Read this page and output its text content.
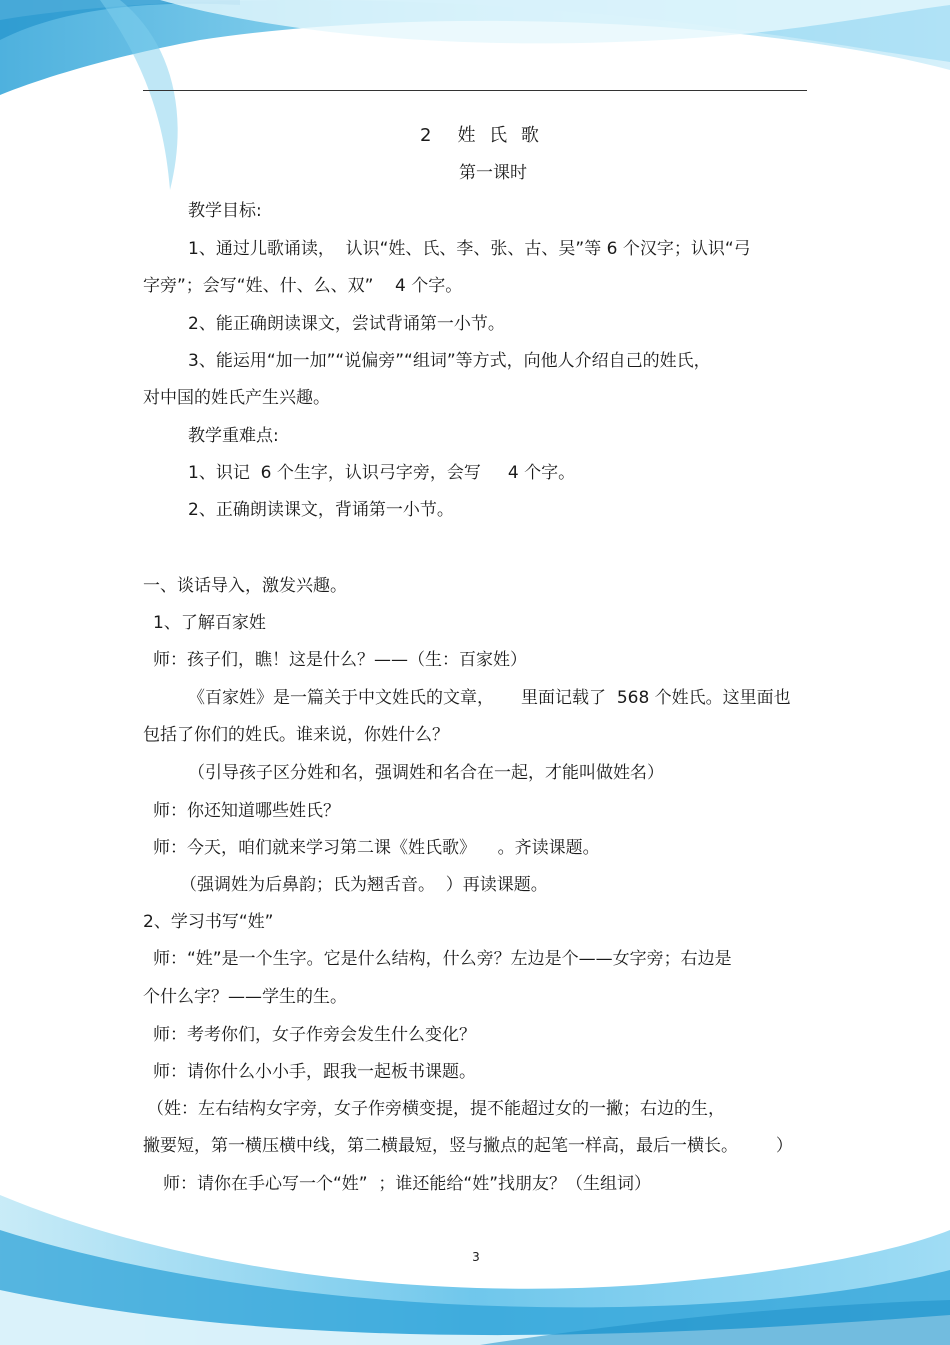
2　姓 氏 歌
第一课时
教学目标:
1、通过儿歌诵读，  认识“姓、氏、李、张、古、吴”等 6 个汉字；认识“弓
字旁”；会写“姓、什、么、双”    4 个字。
2、能正确朗读课文，尝试背诵第一小节。
3、能运用“加一加”“说偏旁”“组词”等方式，向他人介绍自己的姓氏，
对中国的姓氏产生兴趣。
教学重难点:
1、识记  6 个生字，认识弓字旁，会写     4 个字。
2、正确朗读课文，背诵第一小节。
一、谈话导入，激发兴趣。
1、了解百家姓
师：孩子们，瞧！这是什么？——（生：百家姓）
《百家姓》是一篇关于中文姓氏的文章，     里面记载了  568 个姓氏。这里面也
包括了你们的姓氏。谁来说，你姓什么？
（引导孩子区分姓和名，强调姓和名合在一起，才能叫做姓名）
师：你还知道哪些姓氏？
师：今天，咱们就来学习第二课《姓氏歌》    。齐读课题。
（强调姓为后鼻韵；氏为翘舌音。  ）再读课题。
2、学习书写“姓”
师：“姓”是一个生字。它是什么结构，什么旁？左边是个——女字旁；右边是
个什么字？——学生的生。
师：考考你们，女子作旁会发生什么变化？
师：请你什么小小手，跟我一起板书课题。
（姓：左右结构女字旁，女子作旁横变提，提不能超过女的一撇；右边的生，
撇要短，第一横压横中线，第二横最短，竖与撇点的起笔一样高，最后一横长。       ）
师：请你在手心写一个“姓”  ；谁还能给“姓”找朋友？（生组词）
3
